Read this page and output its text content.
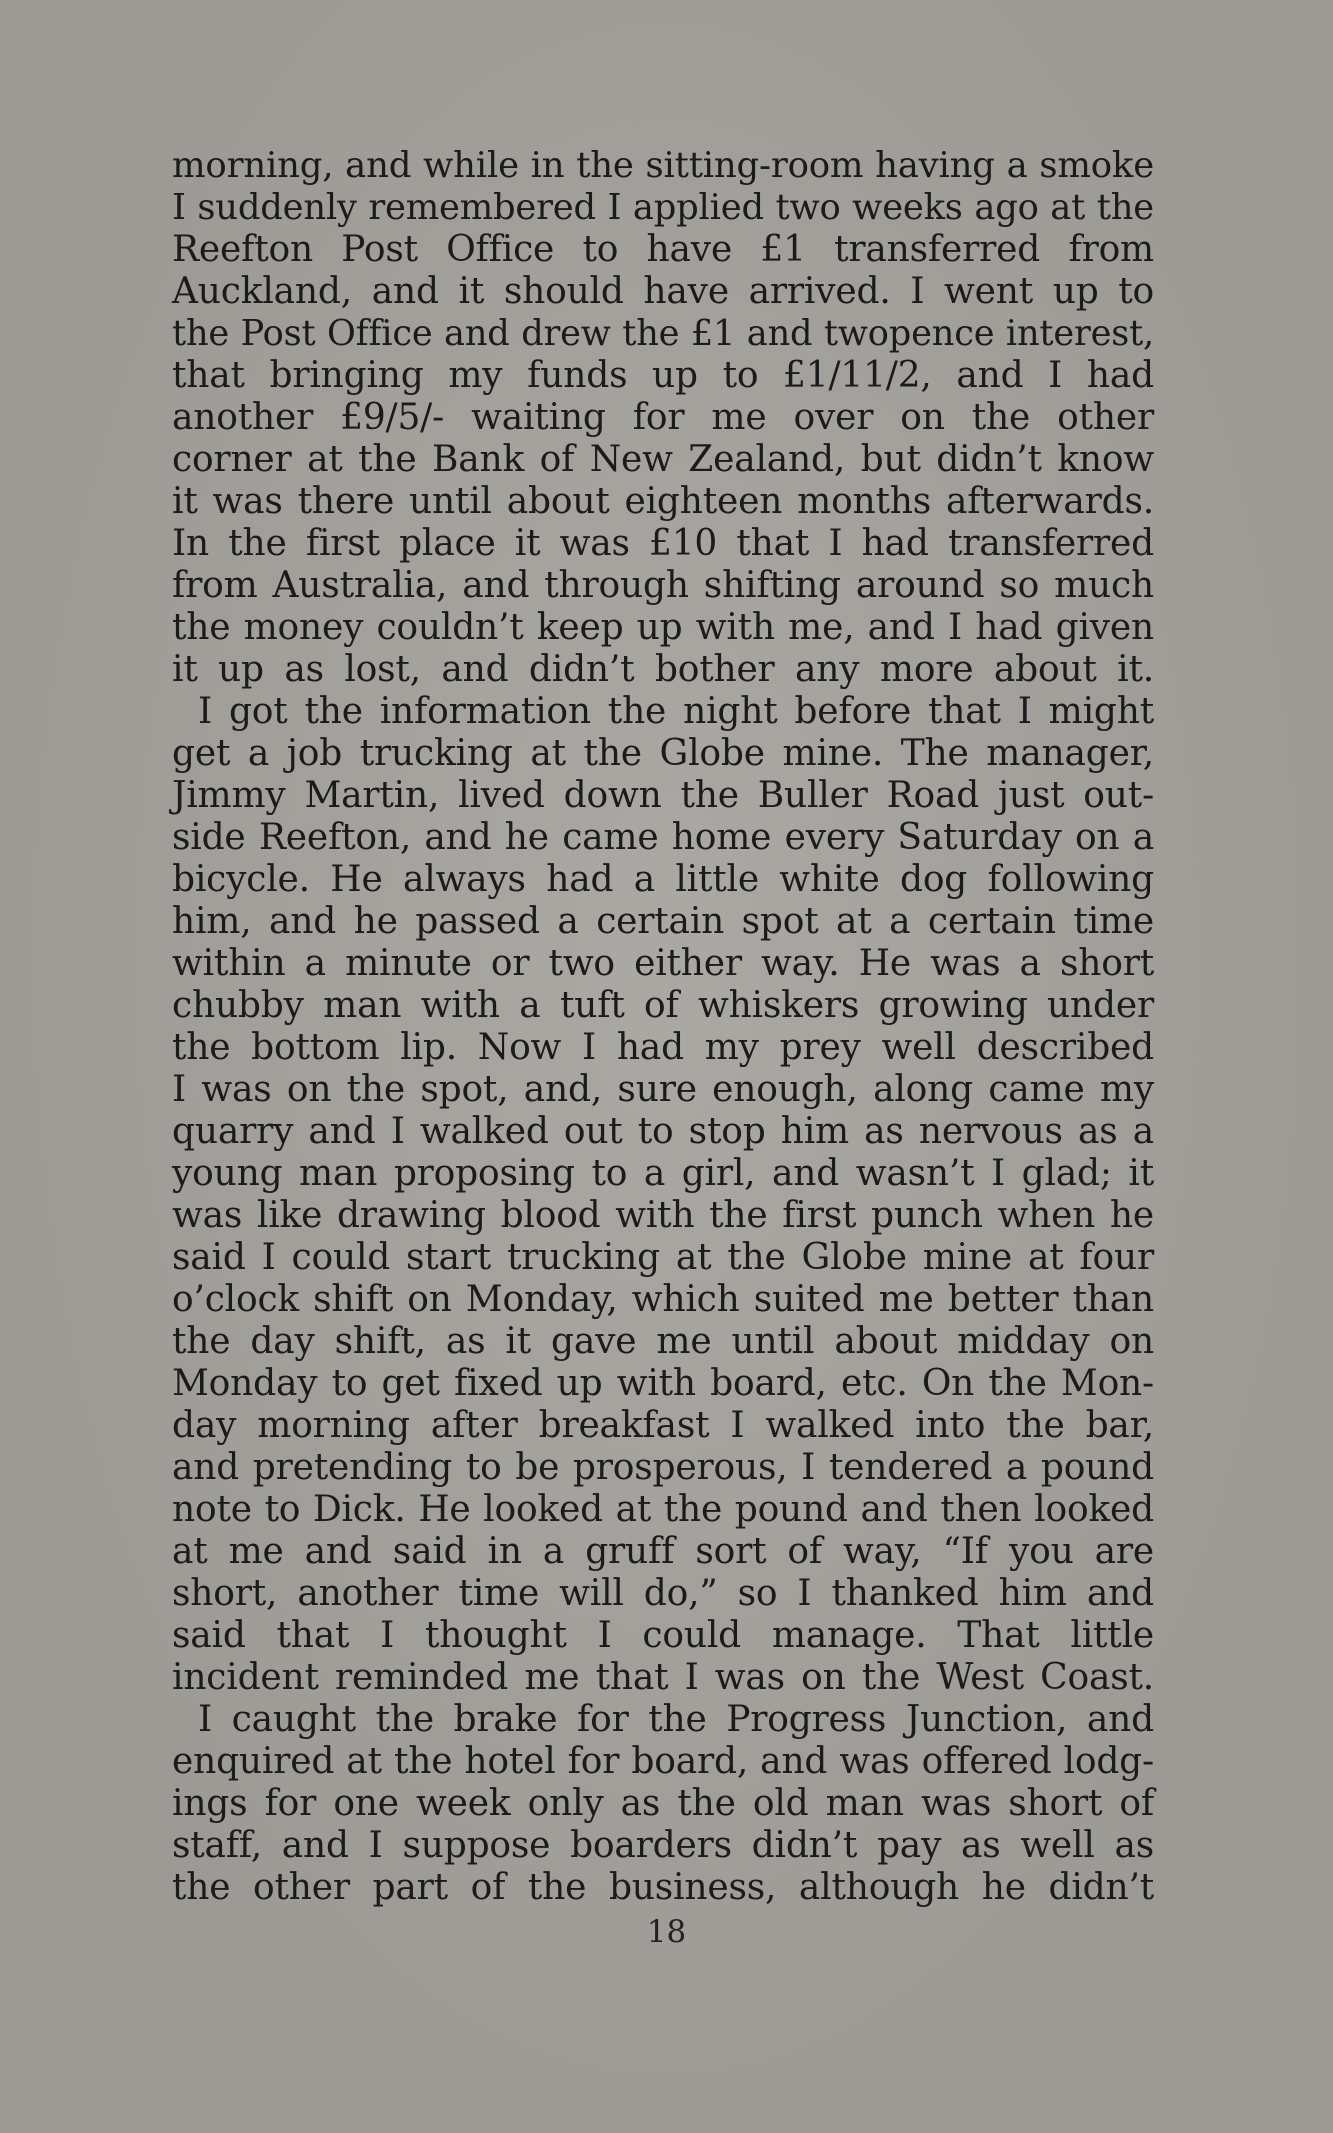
morning, and while in the sitting-room having a smoke
I suddenly remembered I applied two weeks ago at the
Reefton Post Office to have £1 transferred from
Auckland, and it should have arrived. I went up to
the Post Office and drew the £1 and twopence interest,
that bringing my funds up to £1/11/2, and I had
another £9/5/- waiting for me over on the other
corner at the Bank of New Zealand, but didn’t know
it was there until about eighteen months afterwards.
In the first place it was £10 that I had transferred
from Australia, and through shifting around so much
the money couldn’t keep up with me, and I had given
it up as lost, and didn’t bother any more about it.
I got the information the night before that I might
get a job trucking at the Globe mine. The manager,
Jimmy Martin, lived down the Buller Road just out-
side Reefton, and he came home every Saturday on a
bicycle. He always had a little white dog following
him, and he passed a certain spot at a certain time
within a minute or two either way. He was a short
chubby man with a tuft of whiskers growing under
the bottom lip. Now I had my prey well described
I was on the spot, and, sure enough, along came my
quarry and I walked out to stop him as nervous as a
young man proposing to a girl, and wasn’t I glad; it
was like drawing blood with the first punch when he
said I could start trucking at the Globe mine at four
o’clock shift on Monday, which suited me better than
the day shift, as it gave me until about midday on
Monday to get fixed up with board, etc. On the Mon-
day morning after breakfast I walked into the bar,
and pretending to be prosperous, I tendered a pound
note to Dick. He looked at the pound and then looked
at me and said in a gruff sort of way, “If you are
short, another time will do,” so I thanked him and
said that I thought I could manage. That little
incident reminded me that I was on the West Coast.
I caught the brake for the Progress Junction, and
enquired at the hotel for board, and was offered lodg-
ings for one week only as the old man was short of
staff, and I suppose boarders didn’t pay as well as
the other part of the business, although he didn’t
18
